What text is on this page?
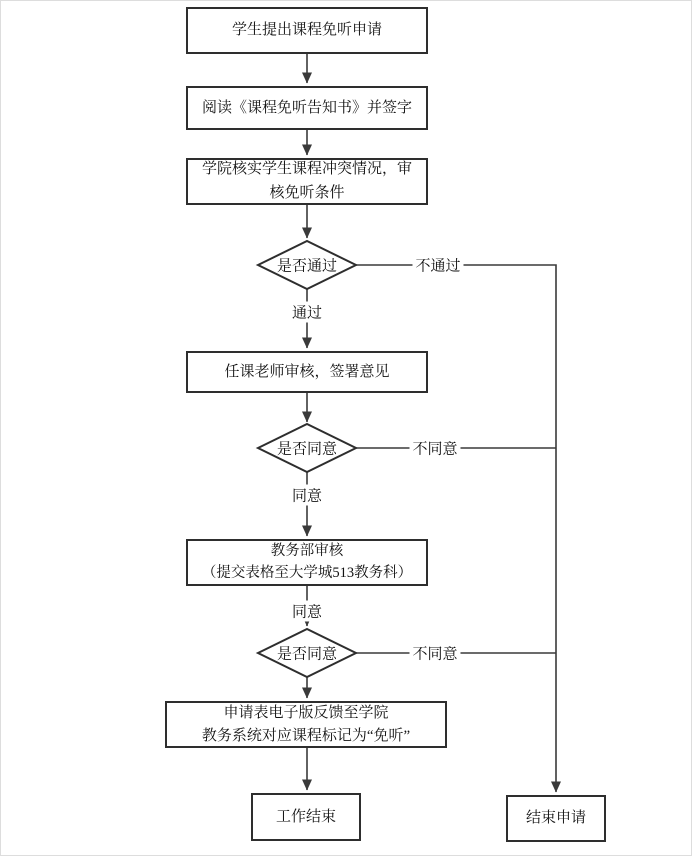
学生提出课程免听申请
阅读《课程免听告知书》并签字
学院核实学生课程冲突情况，审核免听条件
任课老师审核，签署意见
教务部审核
（提交表格至大学城513教务科）
申请表电子版反馈至学院
教务系统对应课程标记为“免听”
工作结束	结束申请
是否通过
是否同意
是否同意
不通过
通过
不同意
同意
同意
不同意
